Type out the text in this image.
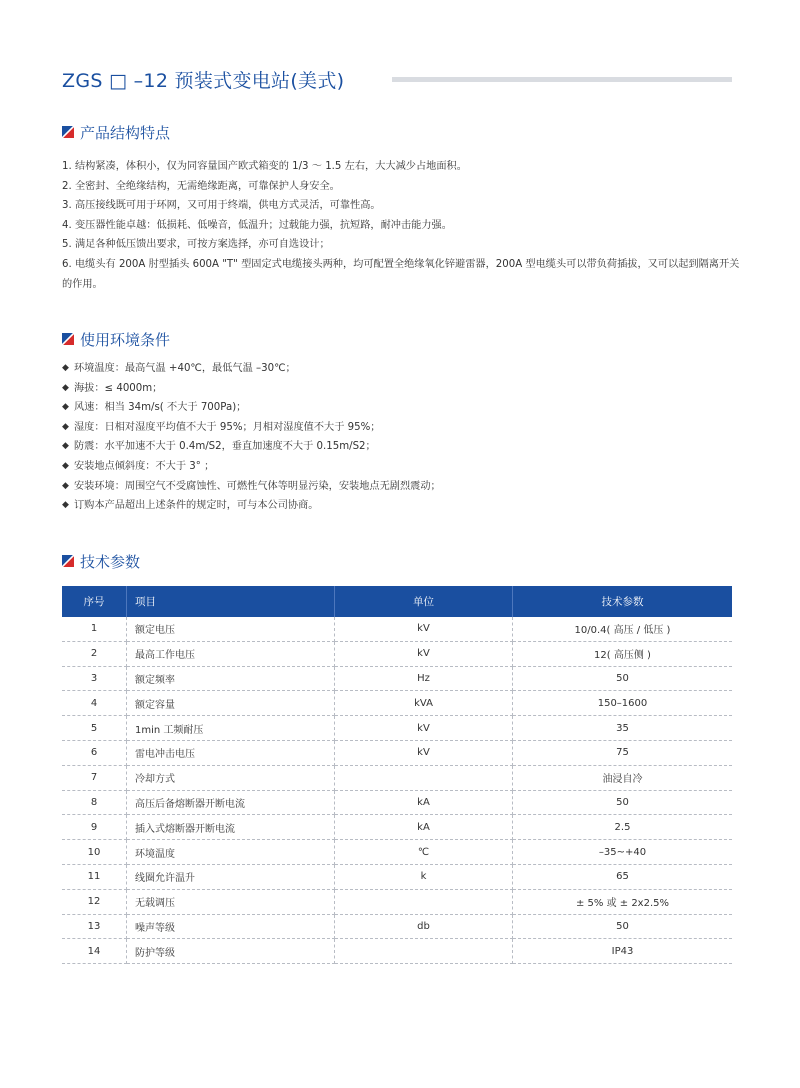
ZGS □ –12 预装式变电站(美式)
产品结构特点

1. 结构紧凑，体积小，仅为同容量国产欧式箱变的 1/3 ～ 1.5 左右，大大减少占地面积。

2. 全密封、全绝缘结构，无需绝缘距离，可靠保护人身安全。

3. 高压接线既可用于环网，又可用于终端，供电方式灵活，可靠性高。

4. 变压器性能卓越：低损耗、低噪音，低温升；过载能力强，抗短路，耐冲击能力强。

5. 满足各种低压馈出要求，可按方案选择，亦可自选设计；

6. 电缆头有 200A 肘型插头 600A "T" 型固定式电缆接头两种，均可配置全绝缘氧化锌避雷器，200A 型电缆头可以带负荷插拔，又可以起到隔离开关的作用。

使用环境条件
◆ 环境温度：最高气温 +40℃，最低气温 –30℃；
◆ 海拔：≤ 4000m；
◆ 风速：相当 34m/s( 不大于 700Pa)；
◆ 湿度：日相对湿度平均值不大于 95%；月相对湿度值不大于 95%；
◆ 防震：水平加速不大于 0.4m/S2，垂直加速度不大于 0.15m/S2；
◆ 安装地点倾斜度：不大于 3° ；
◆ 安装环境：周围空气不受腐蚀性、可燃性气体等明显污染，安装地点无剧烈震动；
◆ 订购本产品超出上述条件的规定时，可与本公司协商。
技术参数
序号	项目	单位	技术参数
1	额定电压	kV	10/0.4( 高压 / 低压 )
2	最高工作电压	kV	12( 高压侧 )
3	额定频率	Hz	50
4	额定容量	kVA	150–1600
5	1min 工频耐压	kV	35
6	雷电冲击电压	kV	75
7	冷却方式		油浸自冷
8	高压后备熔断器开断电流	kA	50
9	插入式熔断器开断电流	kA	2.5
10	环境温度	℃	–35~+40
11	线圈允许温升	k	65
12	无载调压		± 5% 或 ± 2x2.5%
13	噪声等级	db	50
14	防护等级		IP43
